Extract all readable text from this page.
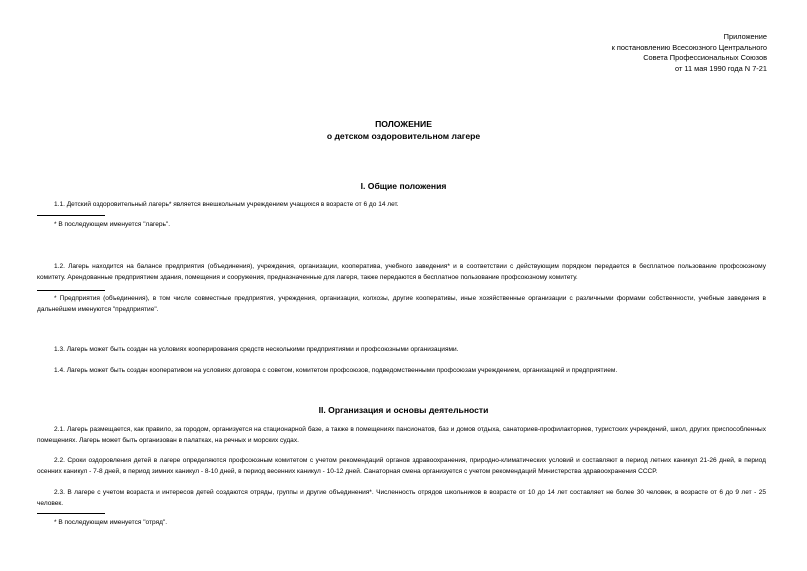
Приложение
к постановлению Всесоюзного Центрального
Совета Профессиональных Союзов
от 11 мая 1990 года N 7-21
ПОЛОЖЕНИЕ
о детском оздоровительном лагере
I. Общие положения
1.1. Детский оздоровительный лагерь* является внешкольным учреждением учащихся в возрасте от 6 до 14 лет.
* В последующем именуется "лагерь".
1.2. Лагерь находится на балансе предприятия (объединения), учреждения, организации, кооператива, учебного заведения* и в соответствии с действующим порядком передается в бесплатное пользование профсоюзному комитету. Арендованные предприятием здания, помещения и сооружения, предназначенные для лагеря, также передаются в бесплатное пользование профсоюзному комитету.
* Предприятия (объединения), в том числе совместные предприятия, учреждения, организации, колхозы, другие кооперативы, иные хозяйственные организации с различными формами собственности, учебные заведения в дальнейшем именуются "предприятие".
1.3. Лагерь может быть создан на условиях кооперирования средств несколькими предприятиями и профсоюзными организациями.
1.4. Лагерь может быть создан кооперативом на условиях договора с советом, комитетом профсоюзов, подведомственными профсоюзам учреждением, организацией и предприятием.
II. Организация и основы деятельности
2.1. Лагерь размещается, как правило, за городом, организуется на стационарной базе, а также в помещениях пансионатов, баз и домов отдыха, санаториев-профилакториев, туристских учреждений, школ, других приспособленных помещениях. Лагерь может быть организован в палатках, на речных и морских судах.
2.2. Сроки оздоровления детей в лагере определяются профсоюзным комитетом с учетом рекомендаций органов здравоохранения, природно-климатических условий и составляют в период летних каникул 21-26 дней, в период осенних каникул - 7-8 дней, в период зимних каникул - 8-10 дней, в период весенних каникул - 10-12 дней. Санаторная смена организуется с учетом рекомендаций Министерства здравоохранения СССР.
2.3. В лагере с учетом возраста и интересов детей создаются отряды, группы и другие объединения*. Численность отрядов школьников в возрасте от 10 до 14 лет составляет не более 30 человек, в возрасте от 6 до 9 лет - 25 человек.
* В последующем именуется "отряд".
